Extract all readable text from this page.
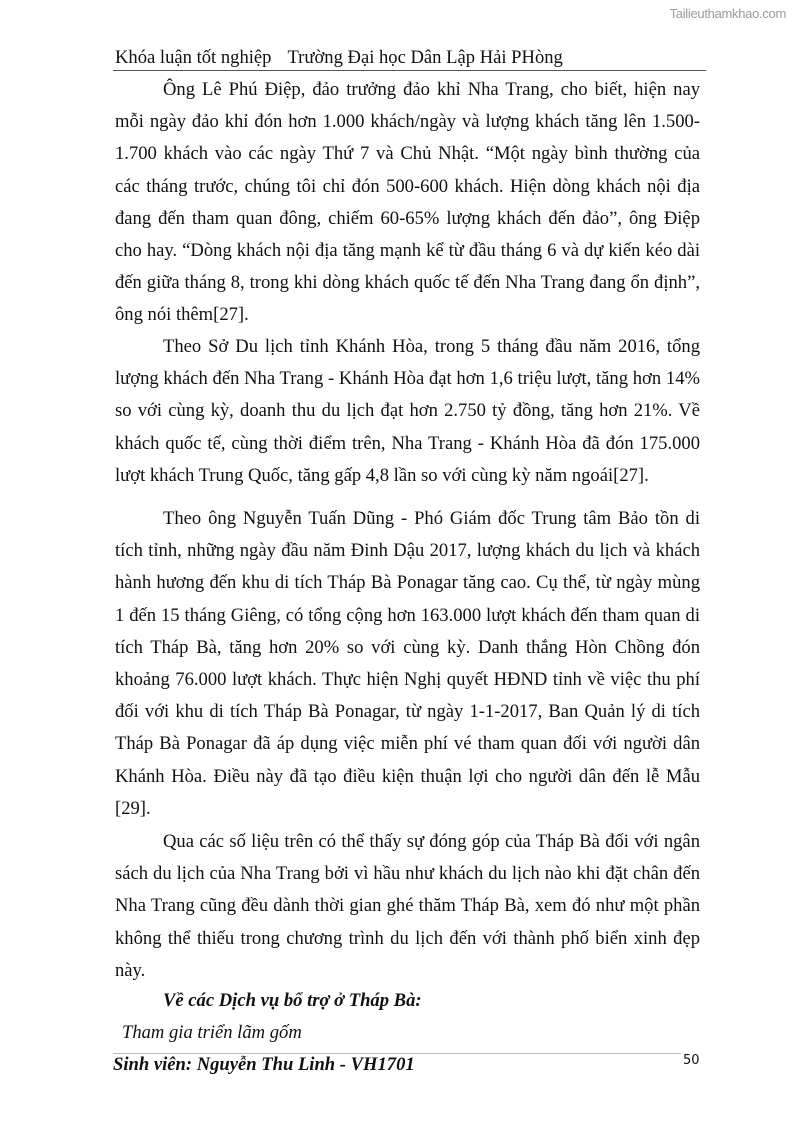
Tailieuthamkhao.com
Khóa luận tốt nghiệp Trường Đại học Dân Lập Hải PHòng
Ông Lê Phú Điệp, đảo trưởng đảo khỉ Nha Trang, cho biết, hiện nay
mỗi ngày đảo khỉ đón hơn 1.000 khách/ngày và lượng khách tăng lên 1.500-
1.700 khách vào các ngày Thứ 7 và Chủ Nhật. “Một ngày bình thường của
các tháng trước, chúng tôi chỉ đón 500-600 khách. Hiện dòng khách nội địa
đang đến tham quan đông, chiếm 60-65% lượng khách đến đảo”, ông Điệp
cho hay. “Dòng khách nội địa tăng mạnh kể từ đầu tháng 6 và dự kiến kéo dài
đến giữa tháng 8, trong khi dòng khách quốc tế đến Nha Trang đang ổn định”,
ông nói thêm[27].
Theo Sở Du lịch tỉnh Khánh Hòa, trong 5 tháng đầu năm 2016, tổng
lượng khách đến Nha Trang - Khánh Hòa đạt hơn 1,6 triệu lượt, tăng hơn 14%
so với cùng kỳ, doanh thu du lịch đạt hơn 2.750 tỷ đồng, tăng hơn 21%. Về
khách quốc tế, cùng thời điểm trên, Nha Trang - Khánh Hòa đã đón 175.000
lượt khách Trung Quốc, tăng gấp 4,8 lần so với cùng kỳ năm ngoái[27].
Theo ông Nguyễn Tuấn Dũng - Phó Giám đốc Trung tâm Bảo tồn di
tích tỉnh, những ngày đầu năm Đinh Dậu 2017, lượng khách du lịch và khách
hành hương đến khu di tích Tháp Bà Ponagar tăng cao. Cụ thể, từ ngày mùng
1 đến 15 tháng Giêng, có tổng cộng hơn 163.000 lượt khách đến tham quan di
tích Tháp Bà, tăng hơn 20% so với cùng kỳ. Danh thắng Hòn Chồng đón
khoảng 76.000 lượt khách. Thực hiện Nghị quyết HĐND tỉnh về việc thu phí
đối với khu di tích Tháp Bà Ponagar, từ ngày 1-1-2017, Ban Quản lý di tích
Tháp Bà Ponagar đã áp dụng việc miễn phí vé tham quan đối với người dân
Khánh Hòa. Điều này đã tạo điều kiện thuận lợi cho người dân đến lễ Mẫu
[29].
Qua các số liệu trên có thể thấy sự đóng góp của Tháp Bà đối với ngân
sách du lịch của Nha Trang bởi vì hầu như khách du lịch nào khi đặt chân đến
Nha Trang cũng đều dành thời gian ghé thăm Tháp Bà, xem đó như một phần
không thể thiếu trong chương trình du lịch đến với thành phố biển xinh đẹp
này.
Về các Dịch vụ bổ trợ ở Tháp Bà:
Tham gia triển lãm gốm
Sinh viên: Nguyễn Thu Linh - VH1701	50
